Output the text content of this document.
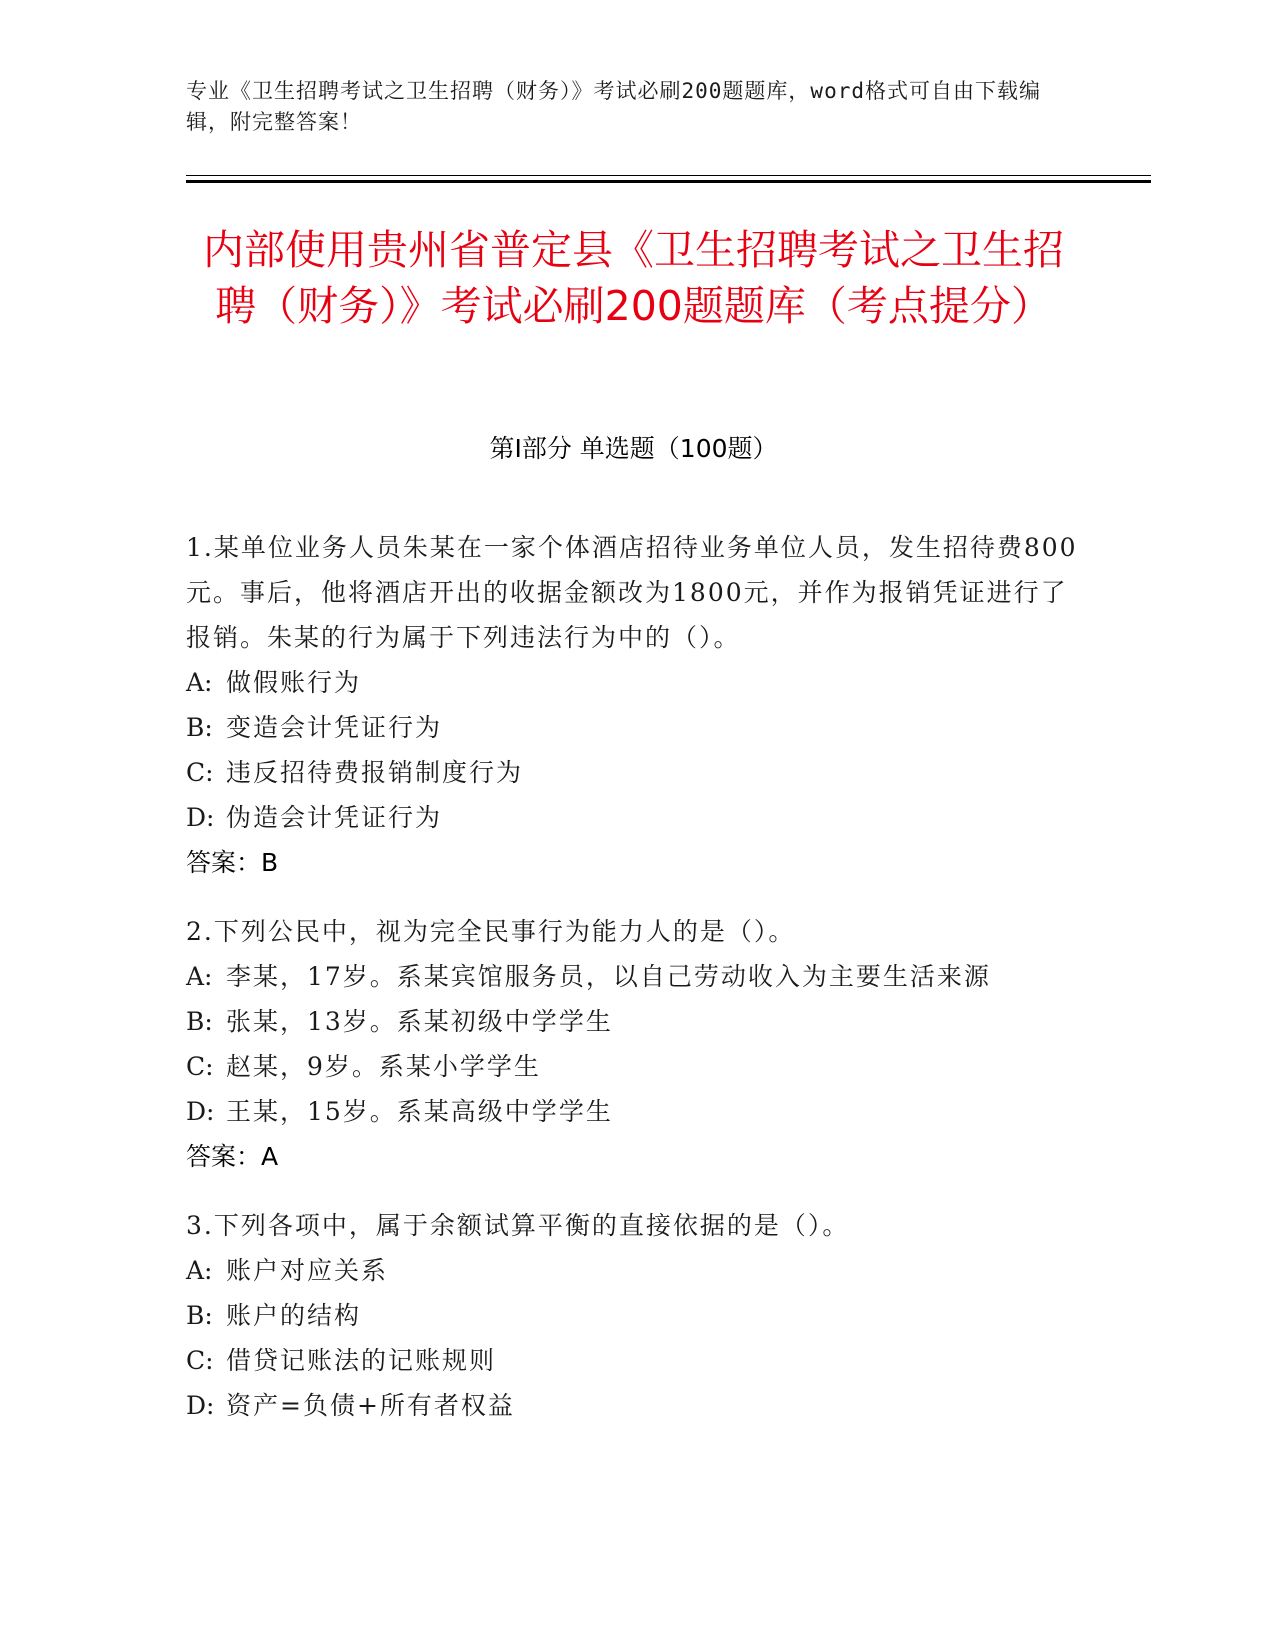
专业《卫生招聘考试之卫生招聘（财务）》考试必刷200题题库，word格式可自由下载编辑，附完整答案！
内部使用贵州省普定县《卫生招聘考试之卫生招聘（财务）》考试必刷200题题库（考点提分）
第I部分 单选题（100题）
1.某单位业务人员朱某在一家个体酒店招待业务单位人员，发生招待费800元。事后，他将酒店开出的收据金额改为1800元，并作为报销凭证进行了报销。朱某的行为属于下列违法行为中的（）。
A: 做假账行为
B: 变造会计凭证行为
C: 违反招待费报销制度行为
D: 伪造会计凭证行为
答案：B
2.下列公民中，视为完全民事行为能力人的是（）。
A: 李某，17岁。系某宾馆服务员，以自己劳动收入为主要生活来源
B: 张某，13岁。系某初级中学学生
C: 赵某，9岁。系某小学学生
D: 王某，15岁。系某高级中学学生
答案：A
3.下列各项中，属于余额试算平衡的直接依据的是（）。
A: 账户对应关系
B: 账户的结构
C: 借贷记账法的记账规则
D: 资产=负债+所有者权益
